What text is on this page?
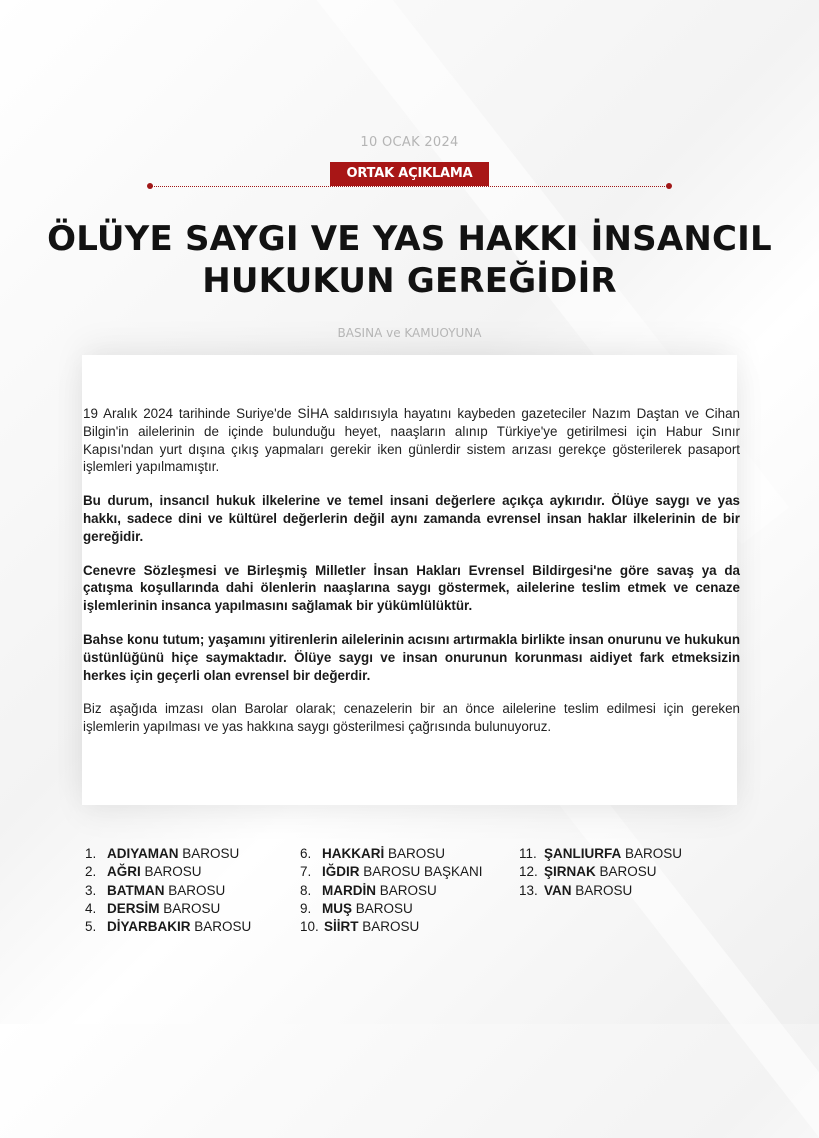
10 OCAK 2024
ORTAK AÇIKLAMA
ÖLÜYE SAYGI VE YAS HAKKI İNSANCIL
HUKUKUN GEREĞİDİR
BASINA ve KAMUOYUNA

19 Aralık 2024 tarihinde Suriye'de SİHA saldırısıyla hayatını kaybeden gazeteciler Nazım Daştan ve Cihan Bilgin'in ailelerinin de içinde bulunduğu heyet, naaşların alınıp Türkiye'ye getirilmesi için Habur Sınır Kapısı'ndan yurt dışına çıkış yapmaları gerekir iken günlerdir sistem arızası gerekçe gösterilerek pasaport işlemleri yapılmamıştır.

Bu durum, insancıl hukuk ilkelerine ve temel insani değerlere açıkça aykırıdır. Ölüye saygı ve yas hakkı, sadece dini ve kültürel değerlerin değil aynı zamanda evrensel insan haklar ilkelerinin de bir gereğidir.

Cenevre Sözleşmesi ve Birleşmiş Milletler İnsan Hakları Evrensel Bildirgesi'ne göre savaş ya da çatışma koşullarında dahi ölenlerin naaşlarına saygı göstermek, ailelerine teslim etmek ve cenaze işlemlerinin insanca yapılmasını sağlamak bir yükümlülüktür.

Bahse konu tutum; yaşamını yitirenlerin ailelerinin acısını artırmakla birlikte insan onurunu ve hukukun üstünlüğünü hiçe saymaktadır. Ölüye saygı ve insan onurunun korunması aidiyet fark etmeksizin herkes için geçerli olan evrensel bir değerdir.

Biz aşağıda imzası olan Barolar olarak; cenazelerin bir an önce ailelerine teslim edilmesi için gereken işlemlerin yapılması ve yas hakkına saygı gösterilmesi çağrısında bulunuyoruz.

1. ADIYAMAN BAROSU
2. AĞRI BAROSU
3. BATMAN BAROSU
4. DERSİM BAROSU
5. DİYARBAKIR BAROSU
6. HAKKARİ BAROSU
7. IĞDIR BAROSU BAŞKANI
8. MARDİN BAROSU
9. MUŞ BAROSU
10. SİİRT BAROSU
11. ŞANLIURFA BAROSU
12. ŞIRNAK BAROSU
13. VAN BAROSU
